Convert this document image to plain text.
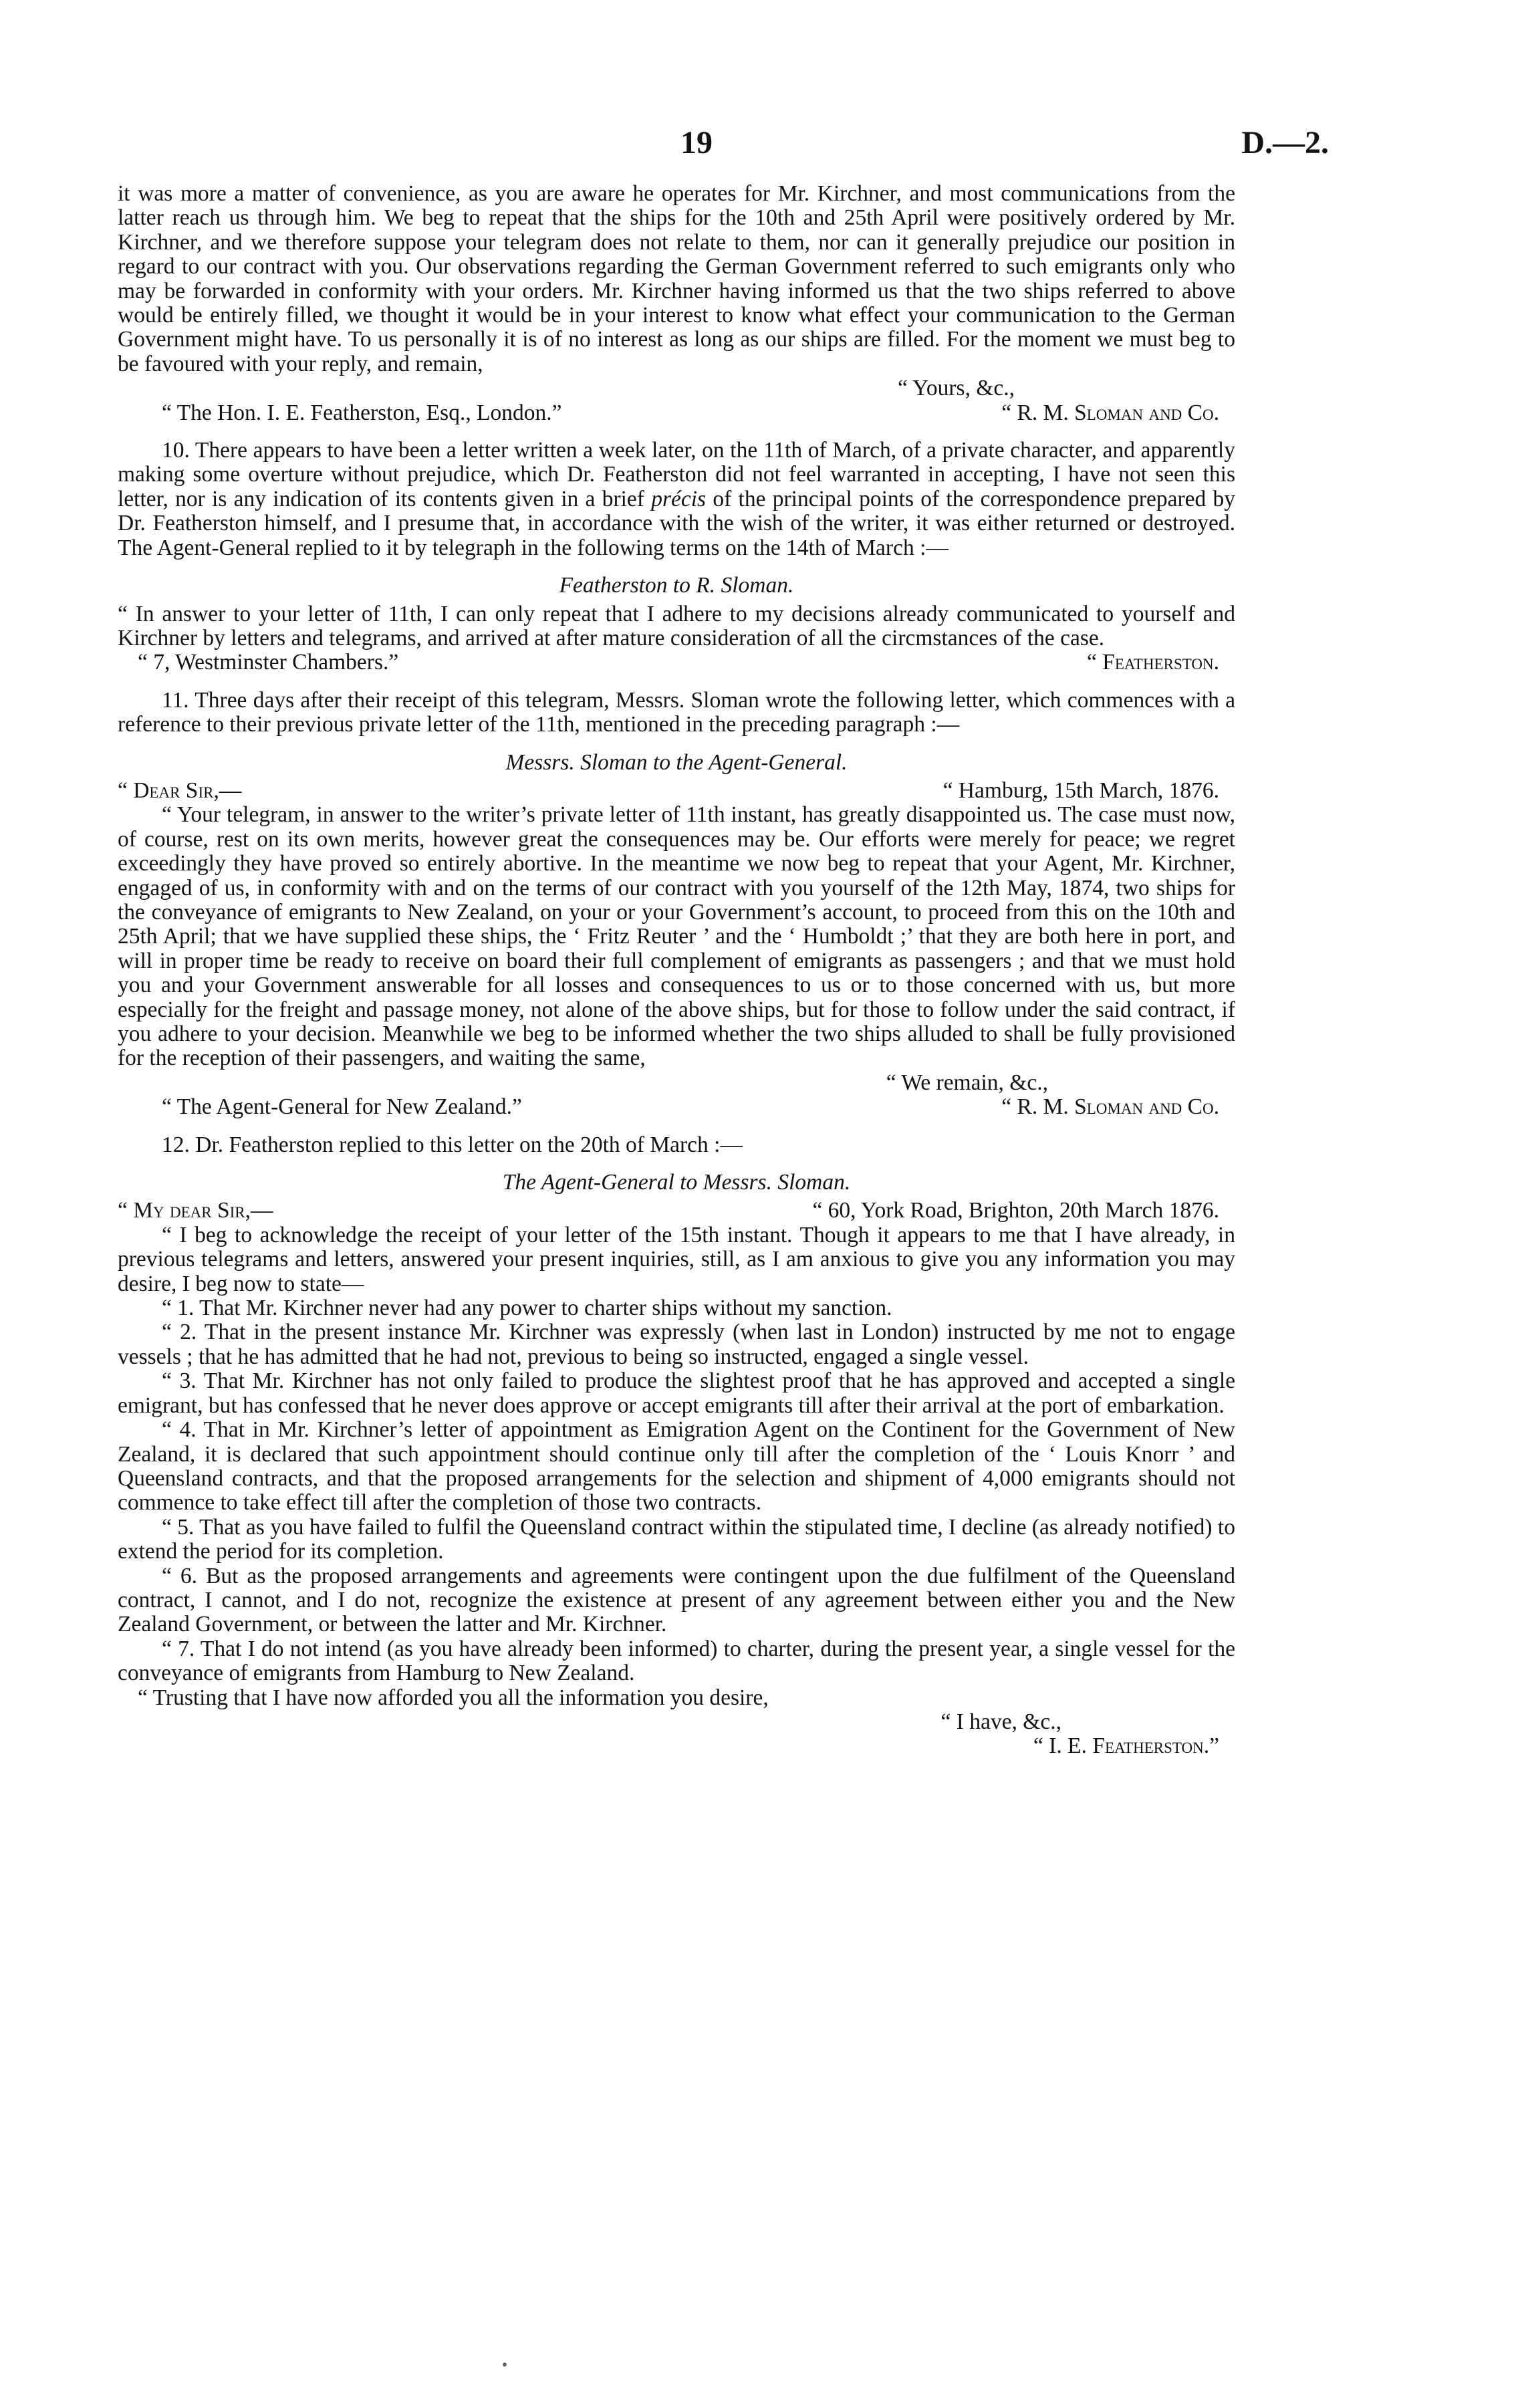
19	D.—2.

it was more a matter of convenience, as you are aware he operates for Mr. Kirchner, and most communications from the latter reach us through him. We beg to repeat that the ships for the 10th and 25th April were positively ordered by Mr. Kirchner, and we therefore suppose your telegram does not relate to them, nor can it generally prejudice our position in regard to our contract with you. Our observations regarding the German Government referred to such emigrants only who may be forwarded in conformity with your orders. Mr. Kirchner having informed us that the two ships referred to above would be entirely filled, we thought it would be in your interest to know what effect your communication to the German Government might have. To us personally it is of no interest as long as our ships are filled. For the moment we must beg to be favoured with your reply, and remain,

“ Yours, &c.,

“ The Hon. I. E. Featherston, Esq., London.”	“ R. M. Sloman and Co.

10. There appears to have been a letter written a week later, on the 11th of March, of a private character, and apparently making some overture without prejudice, which Dr. Featherston did not feel warranted in accepting, I have not seen this letter, nor is any indication of its contents given in a brief précis of the principal points of the correspondence prepared by Dr. Featherston himself, and I presume that, in accordance with the wish of the writer, it was either returned or destroyed. The Agent-General replied to it by telegraph in the following terms on the 14th of March :—

Featherston to R. Sloman.

“ In answer to your letter of 11th, I can only repeat that I adhere to my decisions already communicated to yourself and Kirchner by letters and telegrams, and arrived at after mature consideration of all the circmstances of the case.

“ 7, Westminster Chambers.”	“ Featherston.

11. Three days after their receipt of this telegram, Messrs. Sloman wrote the following letter, which commences with a reference to their previous private letter of the 11th, mentioned in the preceding paragraph :—

Messrs. Sloman to the Agent-General.

“ Dear Sir,—	“ Hamburg, 15th March, 1876.

“ Your telegram, in answer to the writer’s private letter of 11th instant, has greatly disappointed us. The case must now, of course, rest on its own merits, however great the consequences may be. Our efforts were merely for peace; we regret exceedingly they have proved so entirely abortive. In the meantime we now beg to repeat that your Agent, Mr. Kirchner, engaged of us, in conformity with and on the terms of our contract with you yourself of the 12th May, 1874, two ships for the conveyance of emigrants to New Zealand, on your or your Government’s account, to proceed from this on the 10th and 25th April; that we have supplied these ships, the ‘ Fritz Reuter ’ and the ‘ Humboldt ;’ that they are both here in port, and will in proper time be ready to receive on board their full complement of emigrants as passengers ; and that we must hold you and your Government answerable for all losses and consequences to us or to those concerned with us, but more especially for the freight and passage money, not alone of the above ships, but for those to follow under the said contract, if you adhere to your decision. Meanwhile we beg to be informed whether the two ships alluded to shall be fully provisioned for the reception of their passengers, and waiting the same,

“ We remain, &c.,

“ The Agent-General for New Zealand.”	“ R. M. Sloman and Co.

12. Dr. Featherston replied to this letter on the 20th of March :—

The Agent-General to Messrs. Sloman.

“ My dear Sir,—	“ 60, York Road, Brighton, 20th March 1876.

“ I beg to acknowledge the receipt of your letter of the 15th instant. Though it appears to me that I have already, in previous telegrams and letters, answered your present inquiries, still, as I am anxious to give you any information you may desire, I beg now to state—

“ 1. That Mr. Kirchner never had any power to charter ships without my sanction.

“ 2. That in the present instance Mr. Kirchner was expressly (when last in London) instructed by me not to engage vessels ; that he has admitted that he had not, previous to being so instructed, engaged a single vessel.

“ 3. That Mr. Kirchner has not only failed to produce the slightest proof that he has approved and accepted a single emigrant, but has confessed that he never does approve or accept emigrants till after their arrival at the port of embarkation.

“ 4. That in Mr. Kirchner’s letter of appointment as Emigration Agent on the Continent for the Government of New Zealand, it is declared that such appointment should continue only till after the completion of the ‘ Louis Knorr ’ and Queensland contracts, and that the proposed arrangements for the selection and shipment of 4,000 emigrants should not commence to take effect till after the completion of those two contracts.

“ 5. That as you have failed to fulfil the Queensland contract within the stipulated time, I decline (as already notified) to extend the period for its completion.

“ 6. But as the proposed arrangements and agreements were contingent upon the due fulfilment of the Queensland contract, I cannot, and I do not, recognize the existence at present of any agreement between either you and the New Zealand Government, or between the latter and Mr. Kirchner.

“ 7. That I do not intend (as you have already been informed) to charter, during the present year, a single vessel for the conveyance of emigrants from Hamburg to New Zealand.

“ Trusting that I have now afforded you all the information you desire,

“ I have, &c.,

“ I. E. Featherston.”
